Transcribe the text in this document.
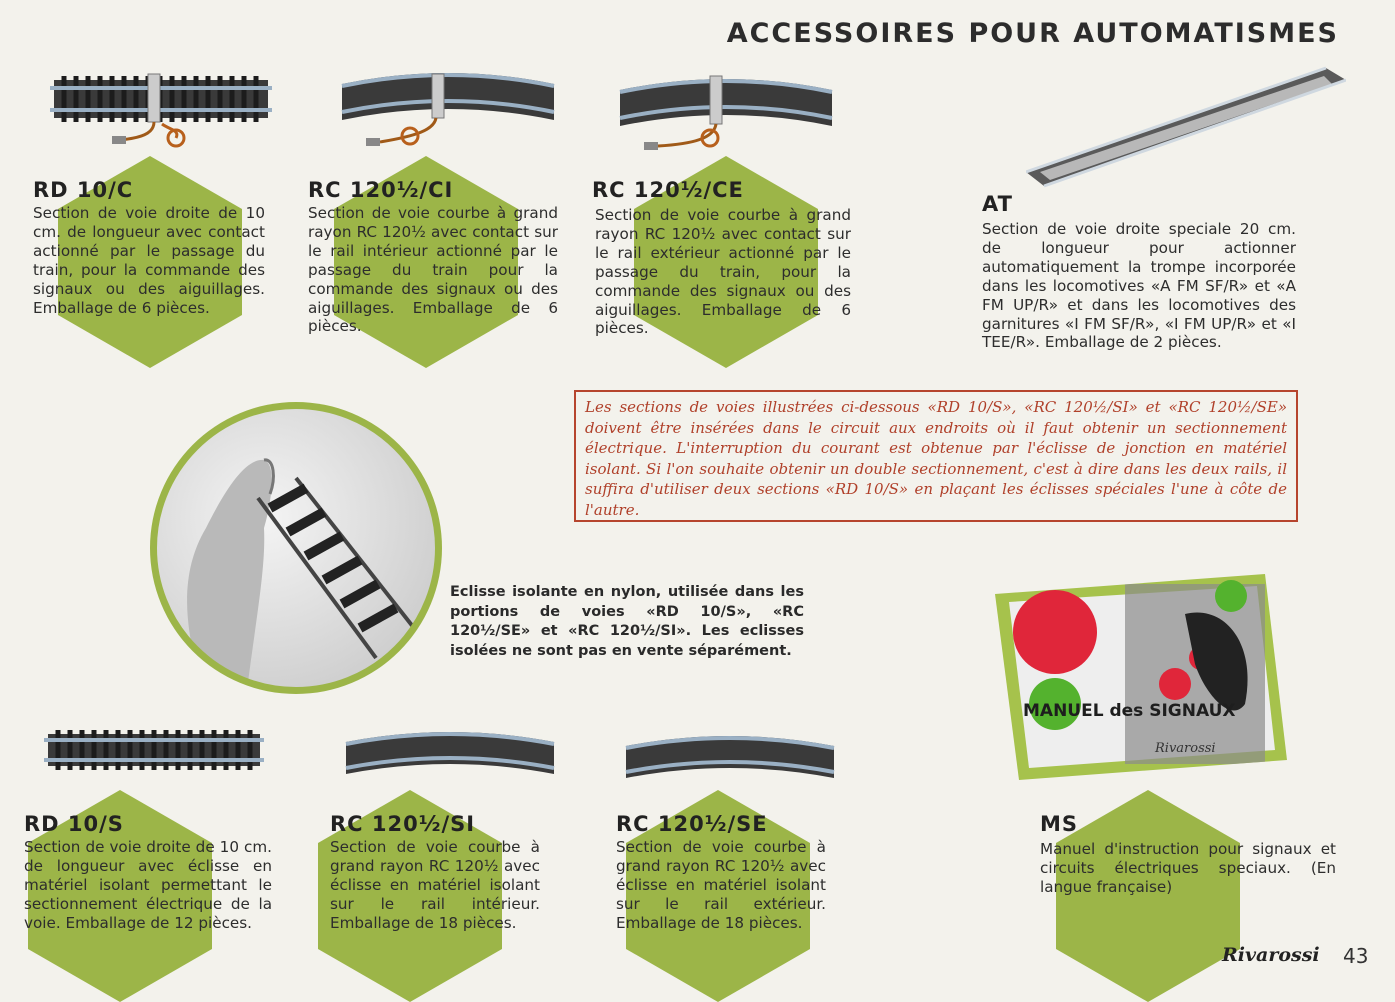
ACCESSOIRES POUR AUTOMATISMES
RD 10/C

Section de voie droite de 10 cm. de longueur avec contact actionné par le passage du train, pour la commande des signaux ou des aiguillages. Emballage de 6 pièces.

RC 120½/CI

Section de voie courbe à grand rayon RC 120½ avec contact sur le rail intérieur actionné par le passage du train pour la commande des signaux ou des aiguillages. Emballage de 6 pièces.

RC 120½/CE

Section de voie courbe à grand rayon RC 120½ avec contact sur le rail extérieur actionné par le passage du train, pour la commande des signaux ou des aiguillages. Emballage de 6 pièces.

AT

Section de voie droite speciale 20 cm. de longueur pour actionner automatiquement la trompe incorporée dans les locomotives «A FM SF/R» et «A FM UP/R» et dans les locomotives des garnitures «I FM SF/R», «I FM UP/R» et «I TEE/R». Emballage de 2 pièces.

Les sections de voies illustrées ci-dessous «RD 10/S», «RC 120½/SI» et «RC 120½/SE» doivent être insérées dans le circuit aux endroits où il faut obtenir un sectionnement électrique. L'interruption du courant est obtenue par l'éclisse de jonction en matériel isolant. Si l'on souhaite obtenir un double sectionnement, c'est à dire dans les deux rails, il suffira d'utiliser deux sections «RD 10/S» en plaçant les éclisses spéciales l'une à côte de l'autre.
Eclisse isolante en nylon, utilisée dans les portions de voies «RD 10/S», «RC 120½/SE» et «RC 120½/SI». Les eclisses isolées ne sont pas en vente séparément.
MANUEL des SIGNAUX
Rivarossi
RD 10/S

Section de voie droite de 10 cm. de longueur avec éclisse en matériel isolant permettant le sectionnement électrique de la voie. Emballage de 12 pièces.

RC 120½/SI

Section de voie courbe à grand rayon RC 120½ avec éclisse en matériel isolant sur le rail intérieur. Emballage de 18 pièces.

RC 120½/SE

Section de voie courbe à grand rayon RC 120½ avec éclisse en matériel isolant sur le rail extérieur. Emballage de 18 pièces.

MS

Manuel d'instruction pour signaux et circuits électriques speciaux. (En langue française)

Rivarossi 43
